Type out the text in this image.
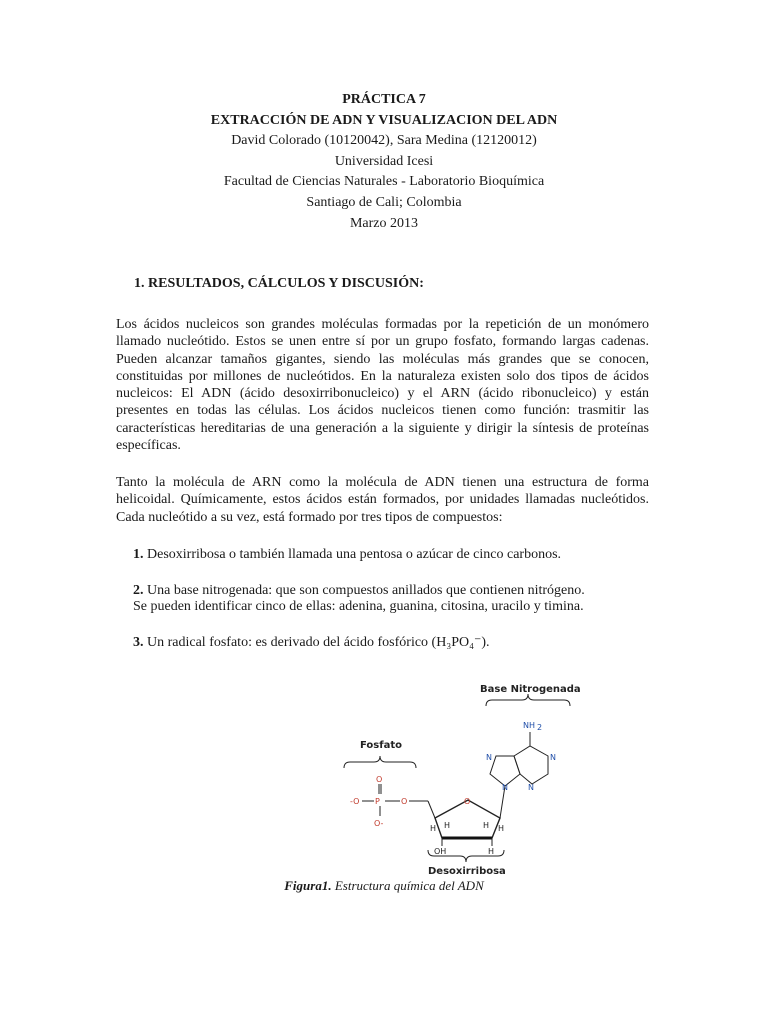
PRÁCTICA 7
EXTRACCIÓN DE ADN Y VISUALIZACION DEL ADN
David Colorado (10120042), Sara Medina (12120012)
Universidad Icesi
Facultad de Ciencias Naturales - Laboratorio Bioquímica
Santiago de Cali; Colombia
Marzo 2013
1. RESULTADOS, CÁLCULOS Y DISCUSIÓN:
Los ácidos nucleicos son grandes moléculas formadas por la repetición de un monómero llamado nucleótido. Estos se unen entre sí por un grupo fosfato, formando largas cadenas. Pueden alcanzar tamaños gigantes, siendo las moléculas más grandes que se conocen, constituidas por millones de nucleótidos. En la naturaleza existen solo dos tipos de ácidos nucleicos: El ADN (ácido desoxirribonucleico) y el ARN (ácido ribonucleico) y están presentes en todas las células. Los ácidos nucleicos tienen como función: trasmitir las características hereditarias de una generación a la siguiente y dirigir la síntesis de proteínas específicas.
Tanto la molécula de ARN como la molécula de ADN tienen una estructura de forma helicoidal. Químicamente, estos ácidos están formados, por unidades llamadas nucleótidos. Cada nucleótido a su vez, está formado por tres tipos de compuestos:
1. Desoxirribosa o también llamada una pentosa o azúcar de cinco carbonos.
2. Una base nitrogenada: que son compuestos anillados que contienen nitrógeno.
Se pueden identificar cinco de ellas: adenina, guanina, citosina, uracilo y timina.
3. Un radical fosfato: es derivado del ácido fosfórico (H₃PO₄⁻).
Base Nitrogenada
Fosfato
Desoxirribosa
-O P
O
O-
O	O
H H	H H
OH	H
NH 2
N
N
N
N
Figura1. Estructura química del ADN
